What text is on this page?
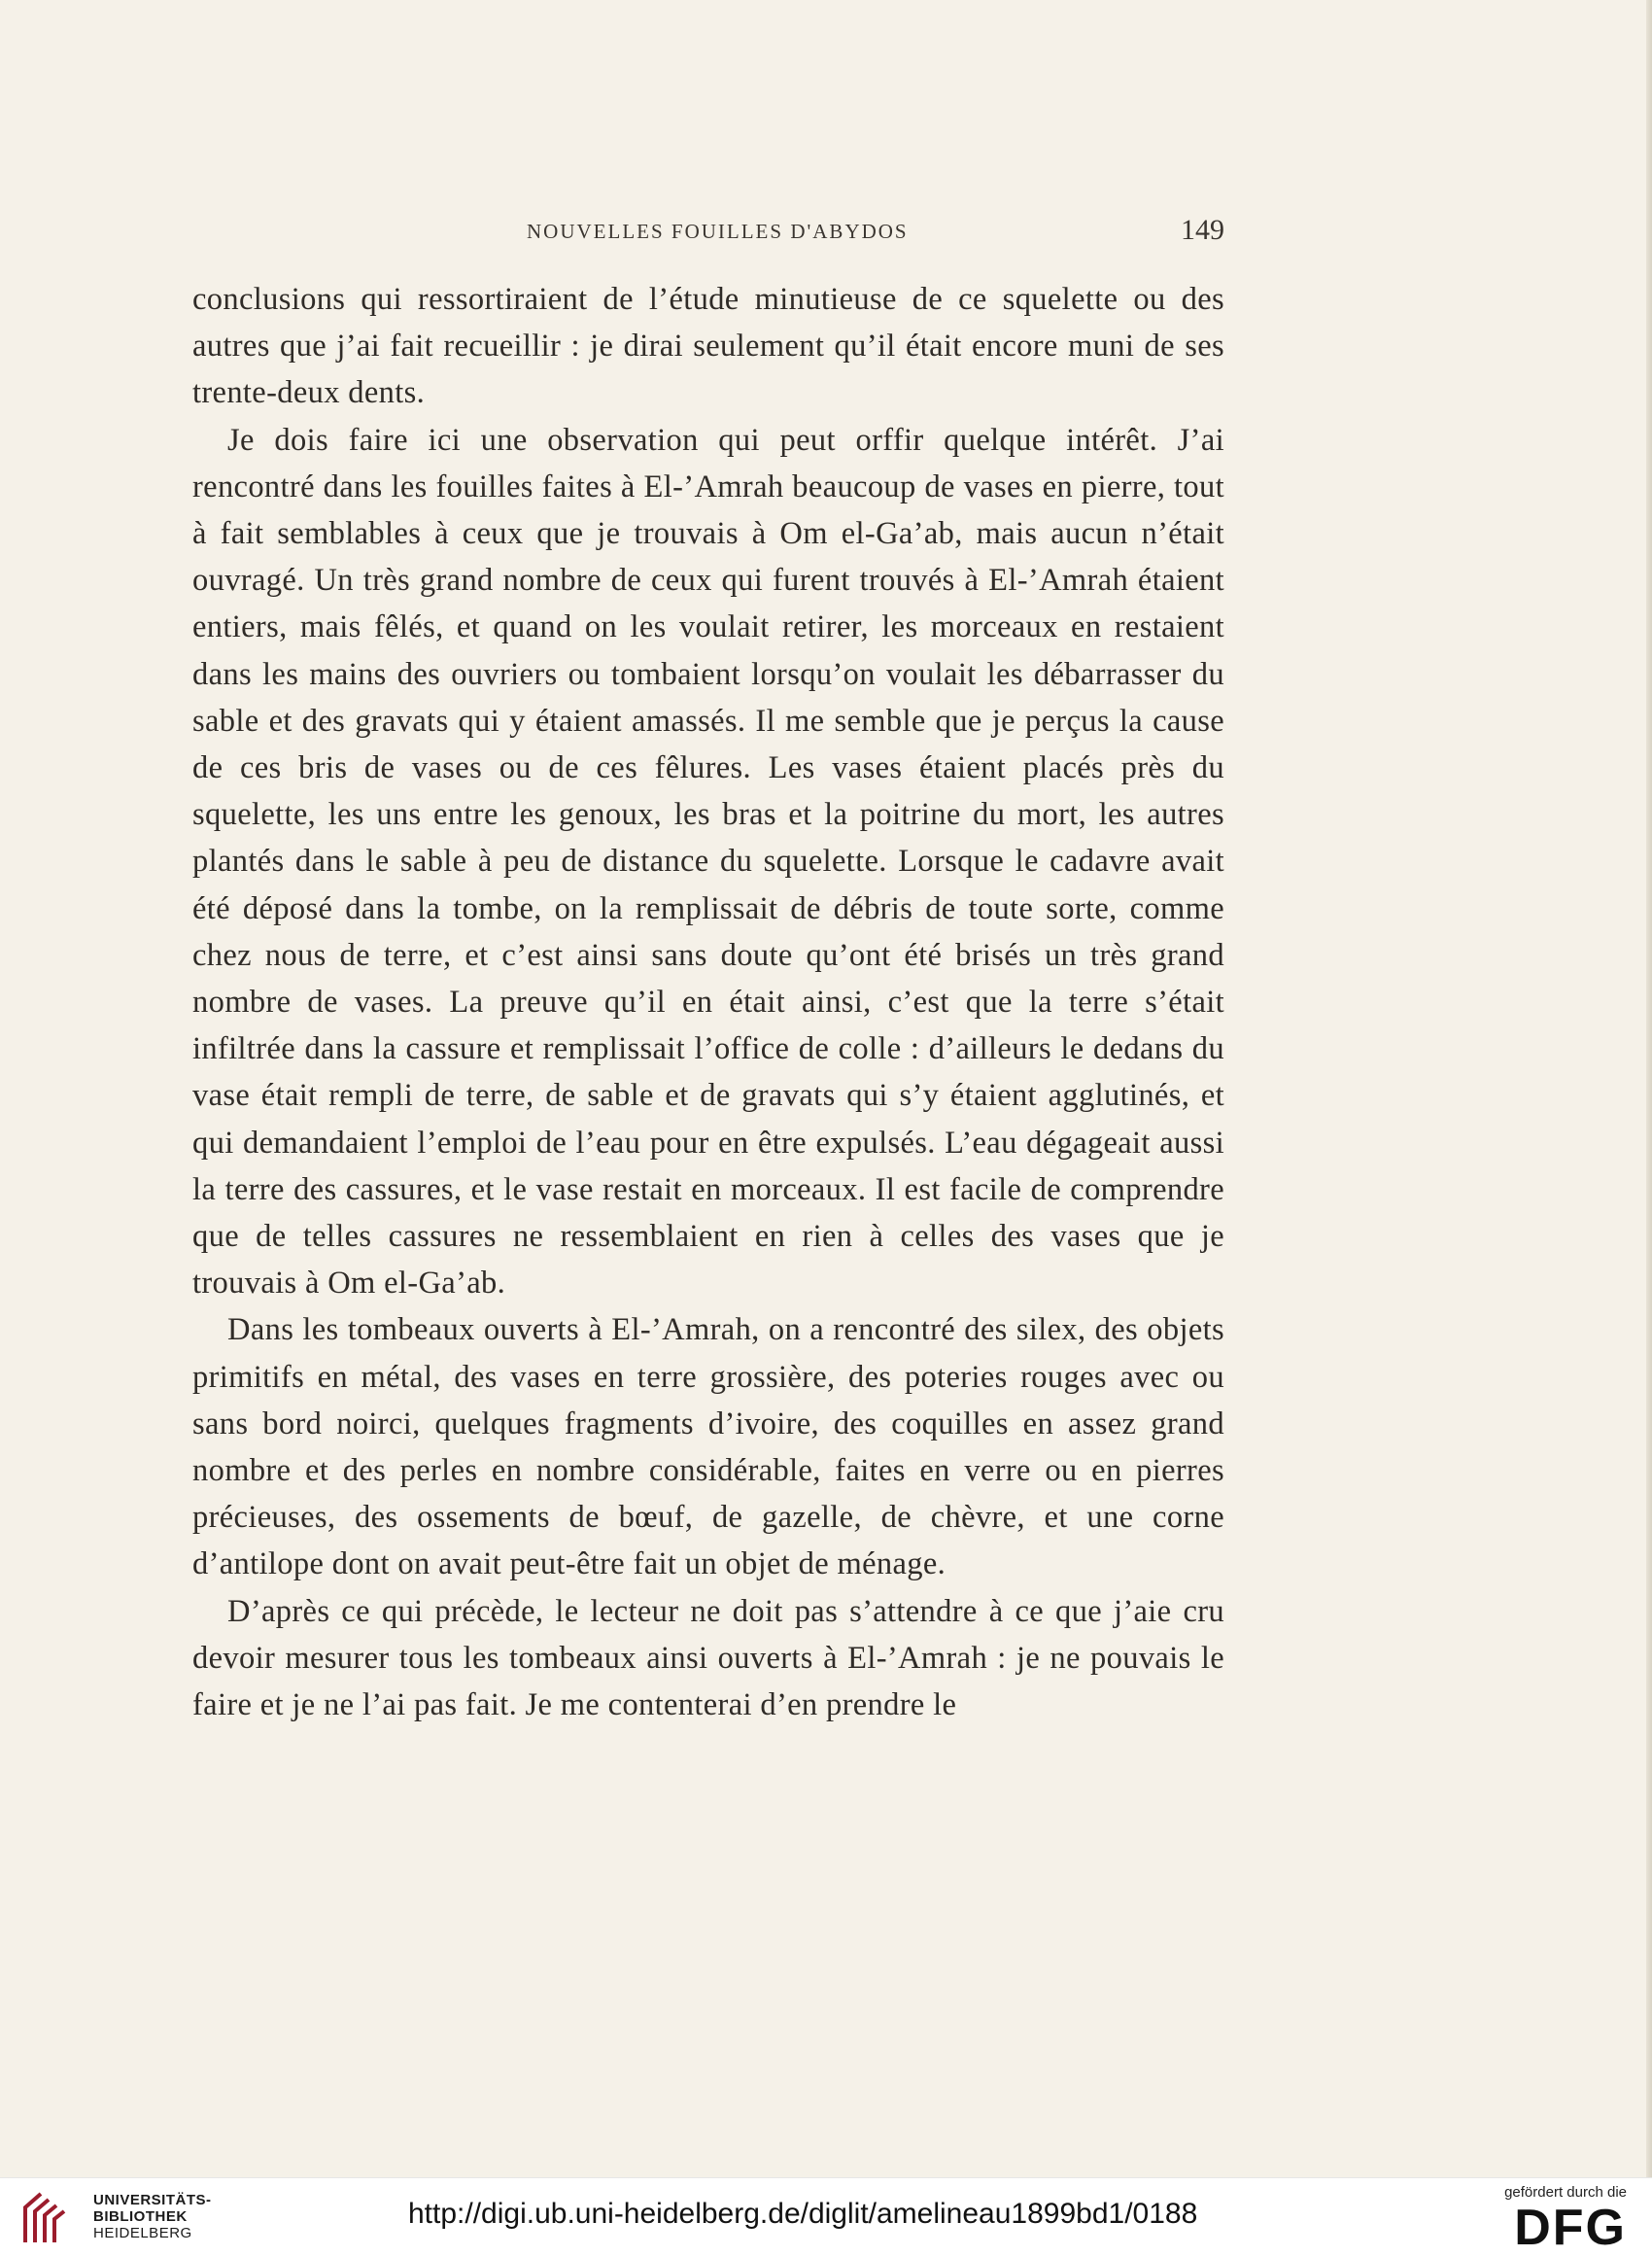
NOUVELLES FOUILLES D'ABYDOS	149

conclusions qui ressortiraient de l’étude minutieuse de ce squelette ou des autres que j’ai fait recueillir : je dirai seulement qu’il était encore muni de ses trente-deux dents.

Je dois faire ici une observation qui peut orffir quelque intérêt. J’ai rencontré dans les fouilles faites à El-’Amrah beaucoup de vases en pierre, tout à fait semblables à ceux que je trouvais à Om el-Ga’ab, mais aucun n’était ouvragé. Un très grand nombre de ceux qui furent trouvés à El-’Amrah étaient entiers, mais fêlés, et quand on les voulait retirer, les morceaux en restaient dans les mains des ouvriers ou tombaient lorsqu’on voulait les débarrasser du sable et des gravats qui y étaient amassés. Il me semble que je perçus la cause de ces bris de vases ou de ces fêlures. Les vases étaient placés près du squelette, les uns entre les genoux, les bras et la poitrine du mort, les autres plantés dans le sable à peu de distance du squelette. Lorsque le cadavre avait été déposé dans la tombe, on la remplissait de débris de toute sorte, comme chez nous de terre, et c’est ainsi sans doute qu’ont été brisés un très grand nombre de vases. La preuve qu’il en était ainsi, c’est que la terre s’était infiltrée dans la cassure et remplissait l’office de colle : d’ailleurs le dedans du vase était rempli de terre, de sable et de gravats qui s’y étaient agglutinés, et qui demandaient l’emploi de l’eau pour en être expulsés. L’eau dégageait aussi la terre des cassures, et le vase restait en morceaux. Il est facile de comprendre que de telles cassures ne ressemblaient en rien à celles des vases que je trouvais à Om el-Ga’ab.

Dans les tombeaux ouverts à El-’Amrah, on a rencontré des silex, des objets primitifs en métal, des vases en terre grossière, des poteries rouges avec ou sans bord noirci, quelques fragments d’ivoire, des coquilles en assez grand nombre et des perles en nombre considérable, faites en verre ou en pierres précieuses, des ossements de bœuf, de gazelle, de chèvre, et une corne d’antilope dont on avait peut-être fait un objet de ménage.

D’après ce qui précède, le lecteur ne doit pas s’attendre à ce que j’aie cru devoir mesurer tous les tombeaux ainsi ouverts à El-’Amrah : je ne pouvais le faire et je ne l’ai pas fait. Je me contenterai d’en prendre le

UNIVERSITÄTS-
BIBLIOTHEK
HEIDELBERG
http://digi.ub.uni-heidelberg.de/diglit/amelineau1899bd1/0188
gefördert durch die
DFG
